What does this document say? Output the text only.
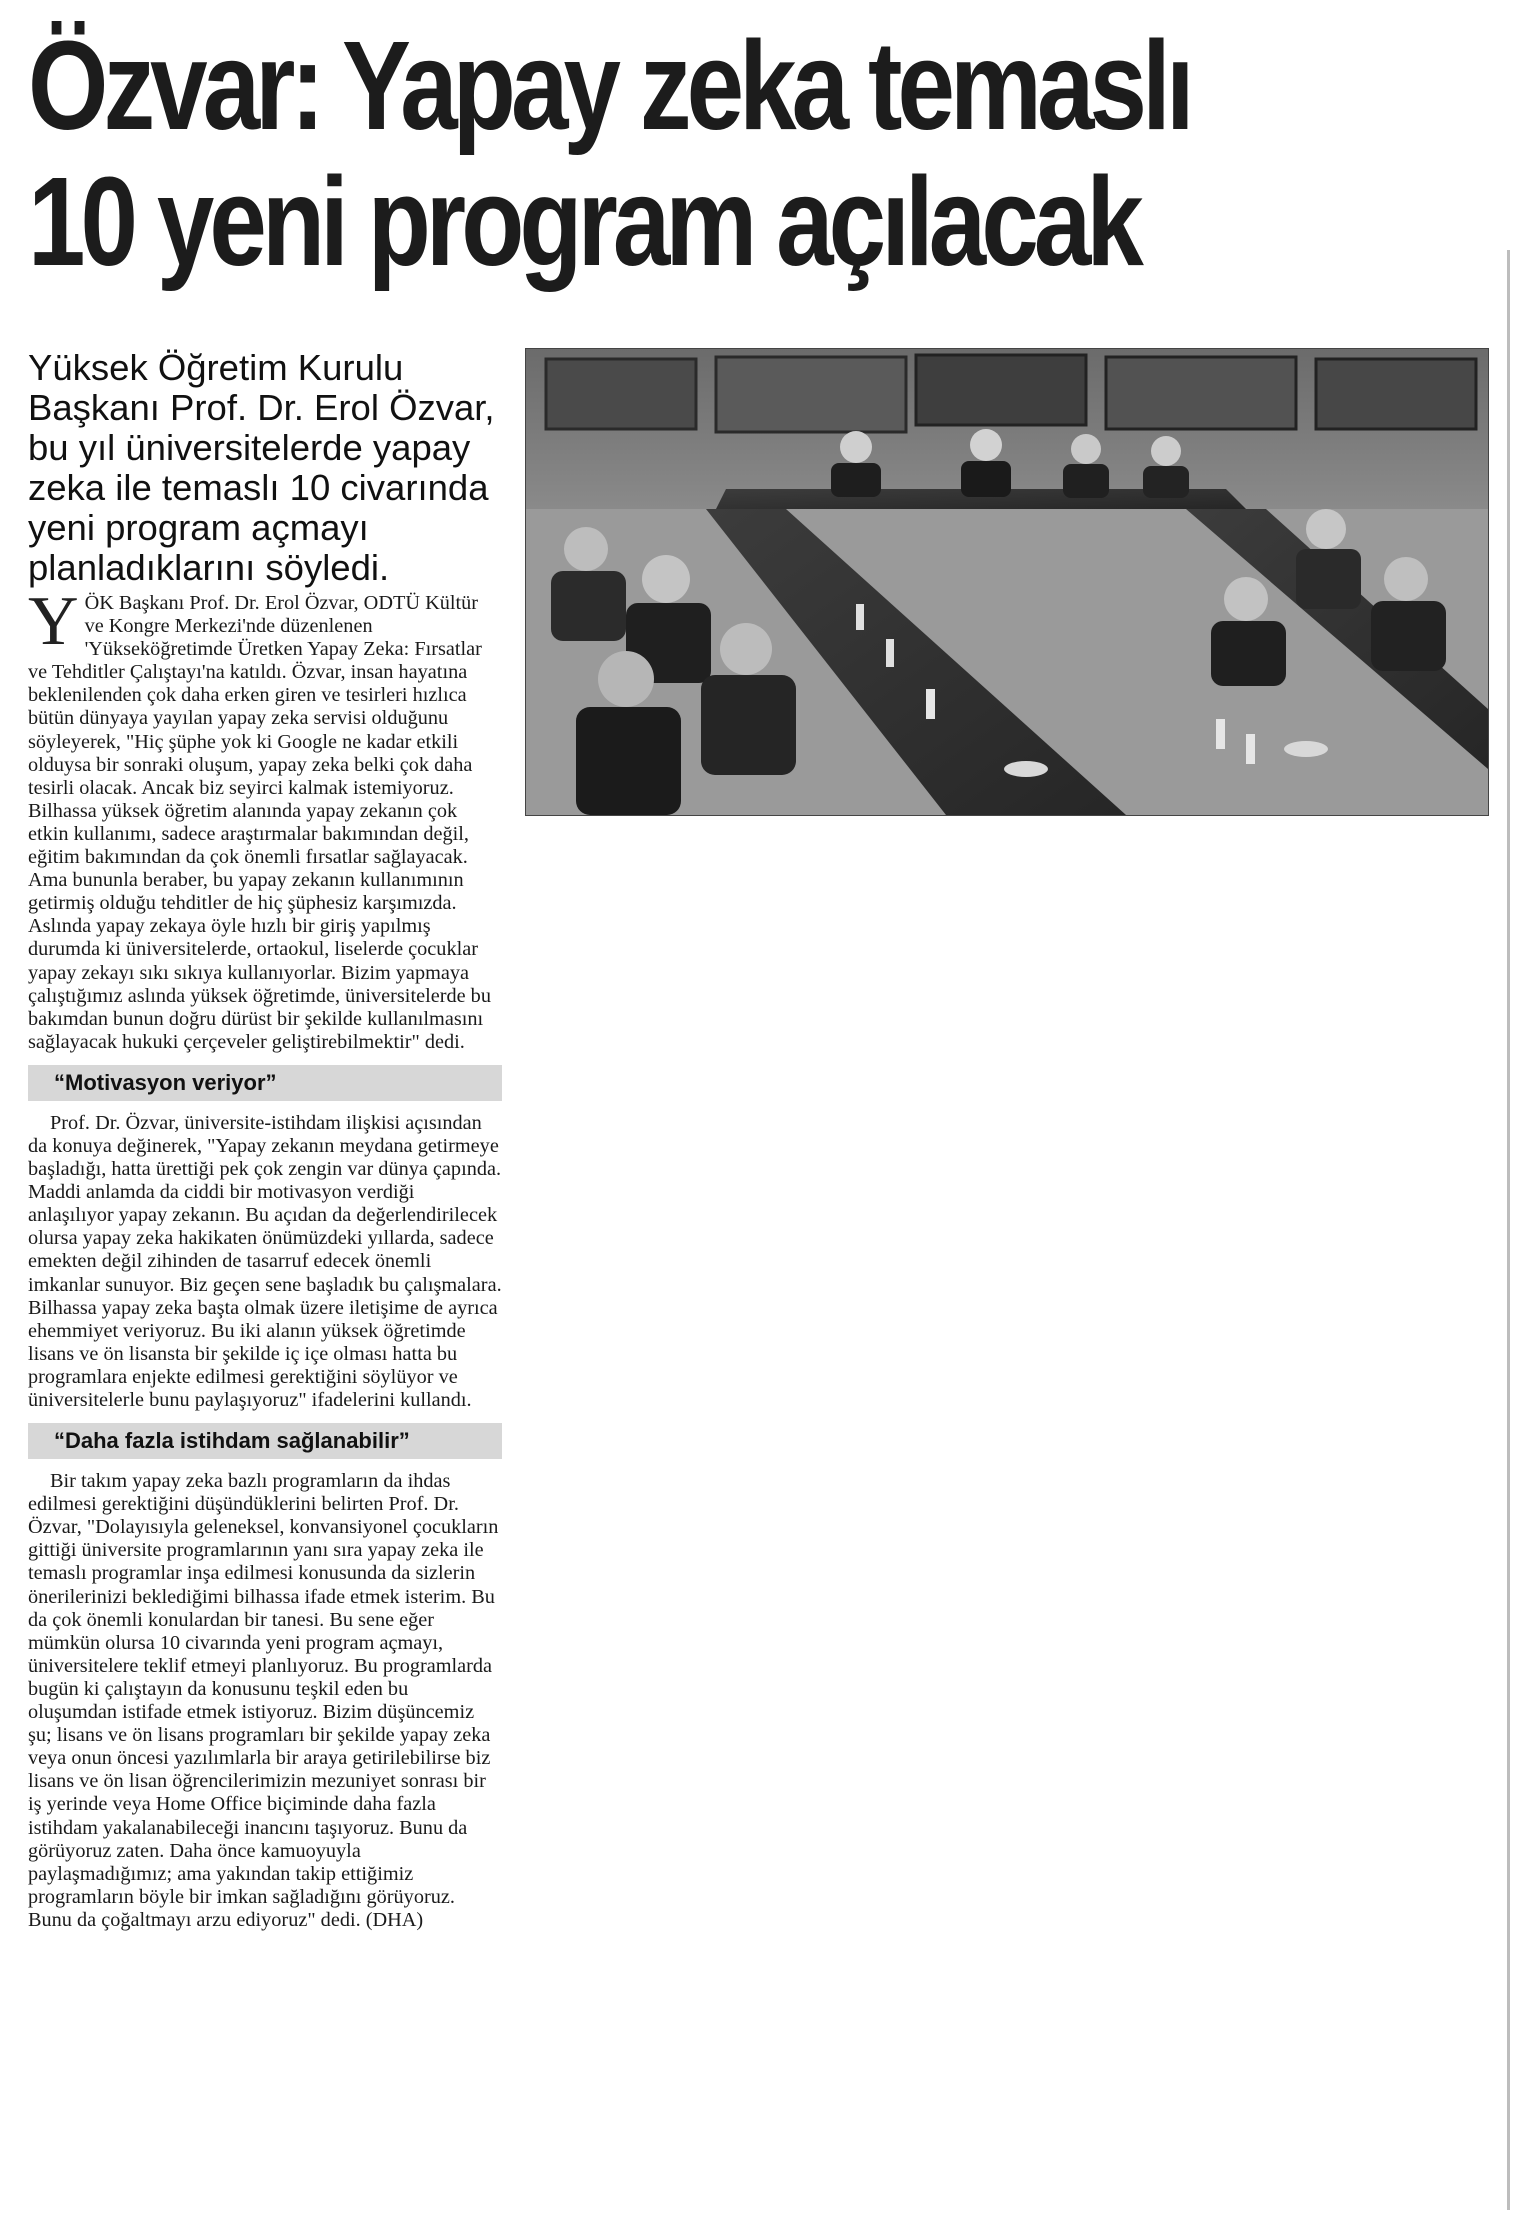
Özvar: Yapay zeka temaslı
10 yeni program açılacak

Yüksek Öğretim Kurulu Başkanı Prof. Dr. Erol Özvar, bu yıl üniversitelerde yapay zeka ile temaslı 10 civarında yeni program açmayı planladıklarını söyledi.

YÖK Başkanı Prof. Dr. Erol Özvar, ODTÜ Kültür ve Kongre Merkezi'nde düzenlenen 'Yükseköğretimde Üretken Yapay Zeka: Fırsatlar ve Tehditler Çalıştayı'na katıldı. Özvar, insan hayatına beklenilenden çok daha erken giren ve tesirleri hızlıca bütün dünyaya yayılan yapay zeka servisi olduğunu söyleyerek, "Hiç şüphe yok ki Google ne kadar etkili olduysa bir sonraki oluşum, yapay zeka belki çok daha tesirli olacak. Ancak biz seyirci kalmak istemiyoruz. Bilhassa yüksek öğretim alanında yapay zekanın çok etkin kullanımı, sadece araştırmalar bakımından değil, eğitim bakımından da çok önemli fırsatlar sağlayacak. Ama bununla beraber, bu yapay zekanın kullanımının getirmiş olduğu tehditler de hiç şüphesiz karşımızda. Aslında yapay zekaya öyle hızlı bir giriş yapılmış durumda ki üniversitelerde, ortaokul, liselerde çocuklar yapay zekayı sıkı sıkıya kullanıyorlar. Bizim yapmaya çalıştığımız aslında yüksek öğretimde, üniversitelerde bu bakımdan bunun doğru dürüst bir şekilde kullanılmasını sağlayacak hukuki çerçeveler geliştirebilmektir" dedi.

“Motivasyon veriyor”

Prof. Dr. Özvar, üniversite-istihdam ilişkisi açısından da konuya değinerek, "Yapay zekanın meydana getirmeye başladığı, hatta ürettiği pek çok zengin var dünya çapında. Maddi anlamda da ciddi bir motivasyon verdiği anlaşılıyor yapay zekanın. Bu açıdan da değerlendirilecek olursa yapay zeka hakikaten önümüzdeki yıllarda, sadece emekten değil zihinden de tasarruf edecek önemli imkanlar sunuyor. Biz geçen sene başladık bu çalışmalara. Bilhassa yapay zeka başta olmak üzere iletişime de ayrıca ehemmiyet veriyoruz. Bu iki alanın yüksek öğretimde lisans ve ön lisansta bir şekilde iç içe olması hatta bu programlara enjekte edilmesi gerektiğini söylüyor ve üniversitelerle bunu paylaşıyoruz" ifadelerini kullandı.

“Daha fazla istihdam sağlanabilir”

Bir takım yapay zeka bazlı programların da ihdas edilmesi gerektiğini düşündüklerini belirten Prof. Dr. Özvar, "Dolayısıyla geleneksel, konvansiyonel çocukların gittiği üniversite programlarının yanı sıra yapay zeka ile temaslı programlar inşa edilmesi konusunda da sizlerin önerilerinizi beklediğimi bilhassa ifade etmek isterim. Bu da çok önemli konulardan bir tanesi. Bu sene eğer mümkün olursa 10 civarında yeni program açmayı, üniversitelere teklif etmeyi planlıyoruz. Bu programlarda bugün ki çalıştayın da konusunu teşkil eden bu oluşumdan istifade etmek istiyoruz. Bizim düşüncemiz şu; lisans ve ön lisans programları bir şekilde yapay zeka veya onun öncesi yazılımlarla bir araya getirilebilirse biz lisans ve ön lisan öğrencilerimizin mezuniyet sonrası bir iş yerinde veya Home Office biçiminde daha fazla istihdam yakalanabileceği inancını taşıyoruz. Bunu da görüyoruz zaten. Daha önce kamuoyuyla paylaşmadığımız; ama yakından takip ettiğimiz programların böyle bir imkan sağladığını görüyoruz. Bunu da çoğaltmayı arzu ediyoruz" dedi. (DHA)
